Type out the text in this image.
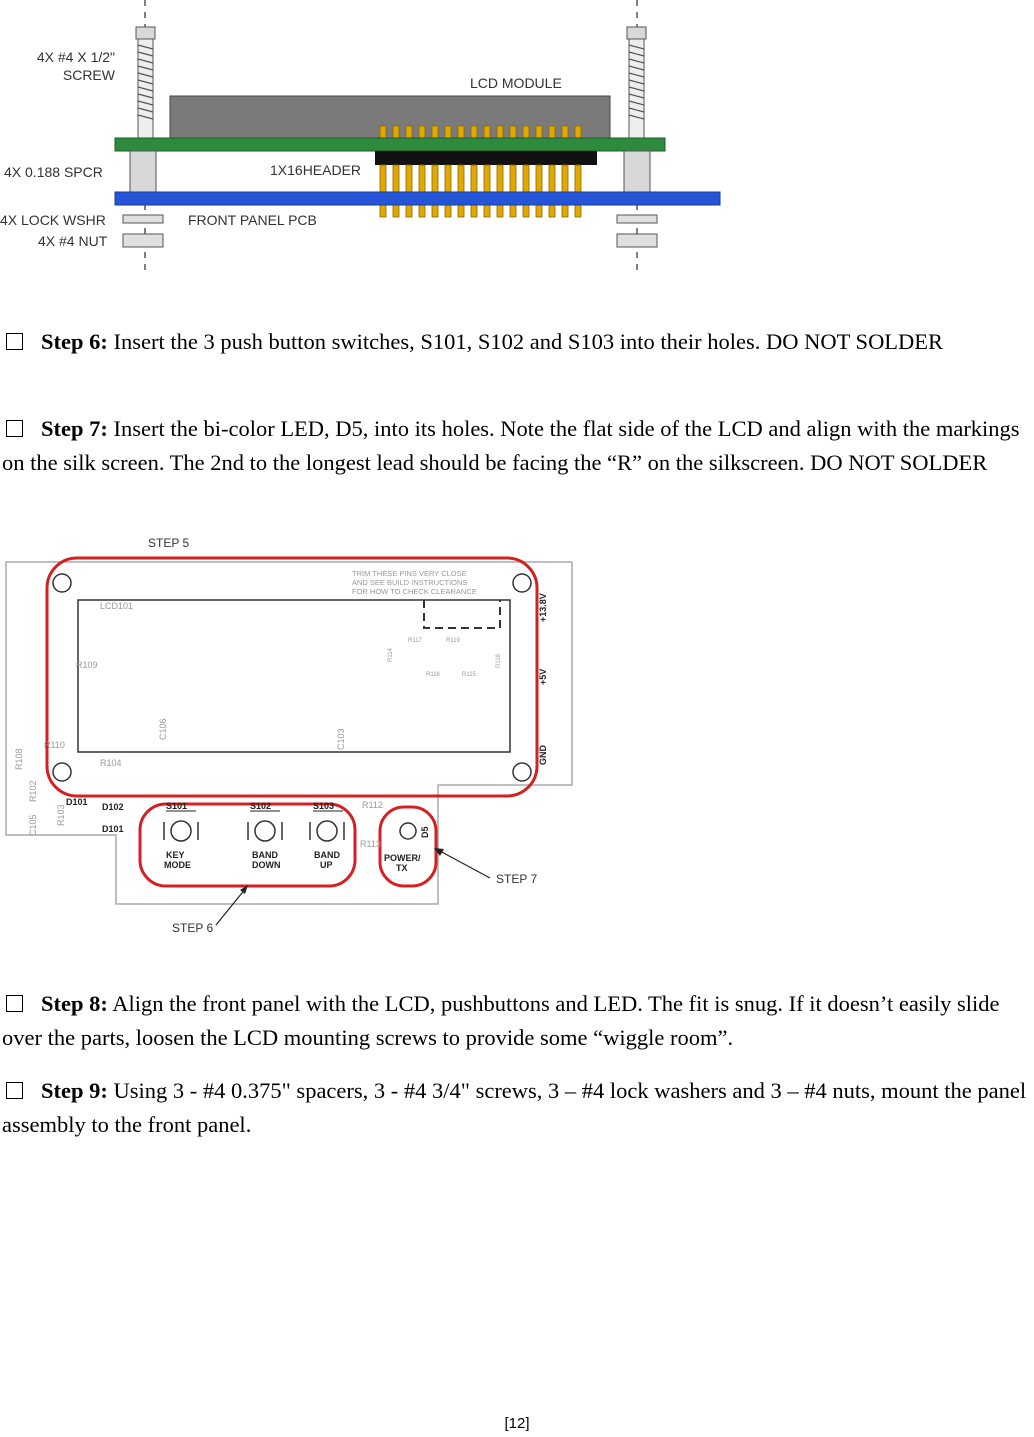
4X #4 X 1/2"
SCREW	LCD MODULE
4X 0.188 SPCR	1X16HEADER
4X LOCK WSHR	FRONT PANEL PCB
4X #4 NUT
Step 6: Insert the 3 push button switches, S101, S102 and S103 into their holes. DO NOT SOLDER
Step 7: Insert the bi-color LED, D5, into its holes. Note the flat side of the LCD and align with the markings on the silk screen. The 2nd to the longest lead should be facing the “R” on the silkscreen. DO NOT SOLDER
STEP 5
STEP 6
STEP 7
TRIM THESE PINS VERY CLOSE
AND SEE BUILD INSTRUCTIONS
FOR HOW TO CHECK CLEARANCE
LCD101
R109
R110
R104
R117	R119
R116	R115
R114	R118
C106	C103
R108
R102
C105 R103	R112
R113
D101 D102
D101
S101	S102	S103
KEY
MODE
BAND
DOWN
BAND
UP
POWER/
TX
D5
+13.8V
+5V
GND
Step 8: Align the front panel with the LCD, pushbuttons and LED. The fit is snug. If it doesn’t easily slide over the parts, loosen the LCD mounting screws to provide some “wiggle room”.
Step 9: Using 3 - #4 0.375" spacers, 3 - #4 3/4" screws, 3 – #4 lock washers and 3 – #4 nuts, mount the panel assembly to the front panel.
[12]
